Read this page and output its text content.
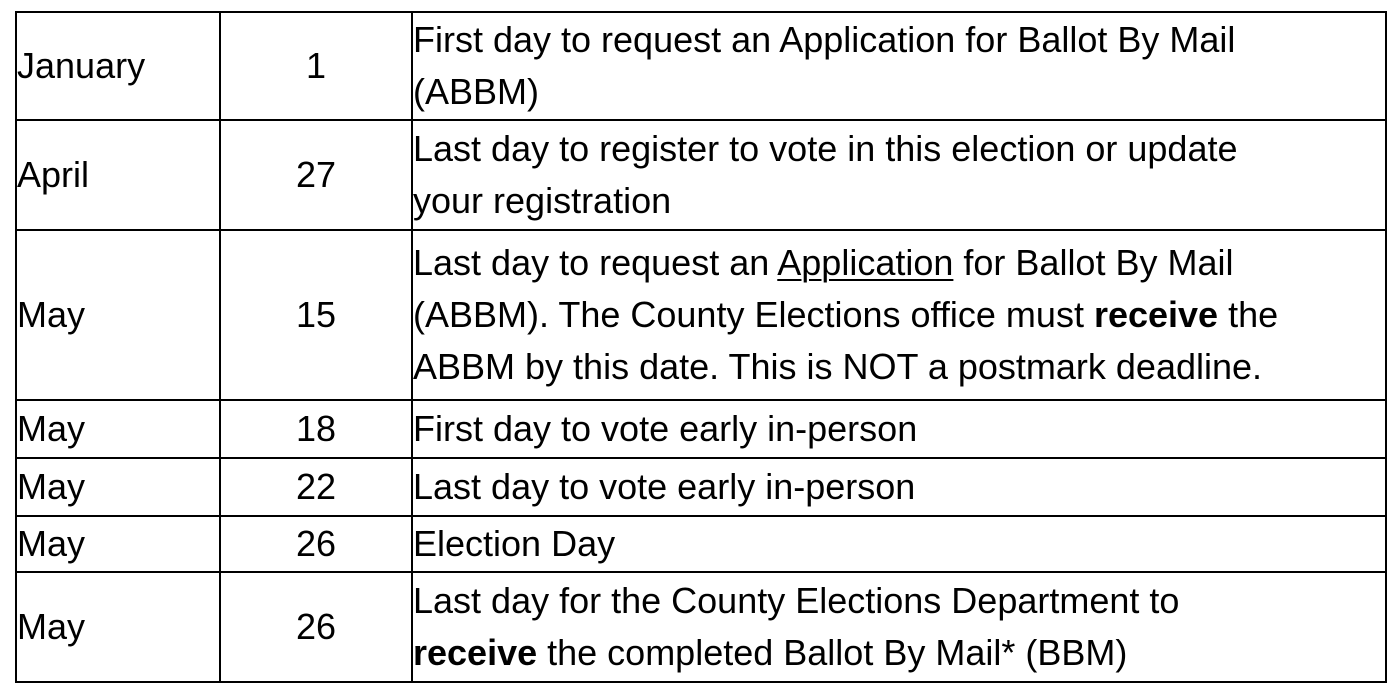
January	1	First day to request an Application for Ballot By Mail
(ABBM)

April	27	Last day to register to vote in this election or update
your registration

May	15	Last day to request an Application for Ballot By Mail
(ABBM). The County Elections office must receive the
ABBM by this date. This is NOT a postmark deadline.

May	18	First day to vote early in-person

May	22	Last day to vote early in-person

May	26	Election Day

May	26	Last day for the County Elections Department to
receive the completed Ballot By Mail* (BBM)
